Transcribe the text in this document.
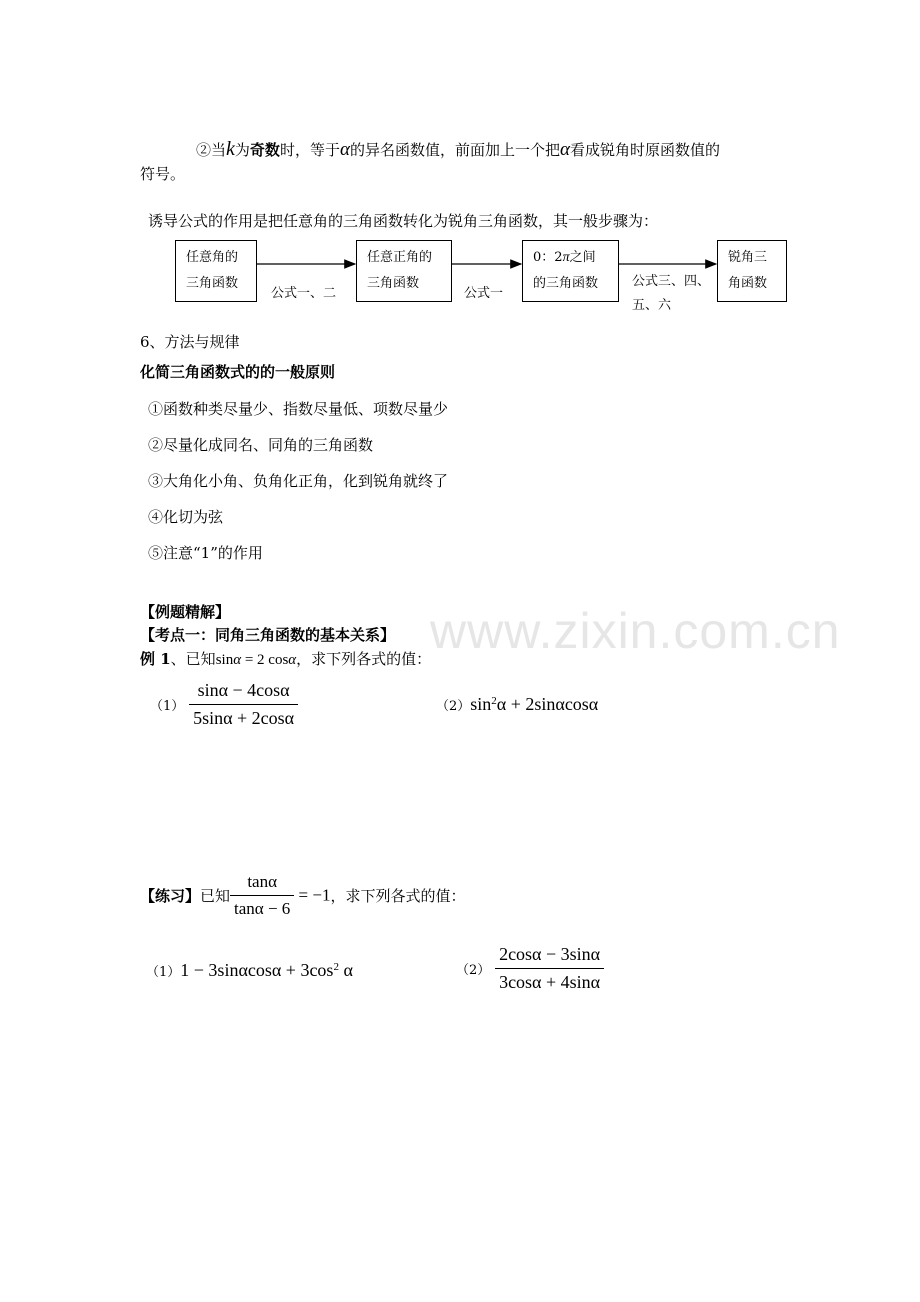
www.zixin.com.cn
②当k为奇数时，等于α的异名函数值，前面加上一个把α看成锐角时原函数值的
符号。
诱导公式的作用是把任意角的三角函数转化为锐角三角函数，其一般步骤为：
任意角的
三角函数
任意正角的
三角函数
0：2π之间
的三角函数
锐角三
角函数
公式一、二	公式一
公式三、四、
五、六
6、方法与规律
化简三角函数式的的一般原则
①函数种类尽量少、指数尽量低、项数尽量少
②尽量化成同名、同角的三角函数
③大角化小角、负角化正角，化到锐角就终了
④化切为弦
⑤注意“1”的作用
【例题精解】
【考点一：同角三角函数的基本关系】
例 1、已知sinα = 2 cosα，求下列各式的值：
$(1) \frac{\sin\alpha - 4\cos\alpha}{5\sin\alpha + 2\cos\alpha}$	$(2)\sin^2\alpha + 2\sin\alpha\cos\alpha$
【练习】已知 $\frac{\tan\alpha}{\tan\alpha - 6} = -1$，求下列各式的值：
$(1)1 - 3\sin\alpha\cos\alpha + 3\cos^2$ α	$(2) \frac{2\cos\alpha - 3\sin\alpha}{3\cos\alpha + 4\sin\alpha}$
